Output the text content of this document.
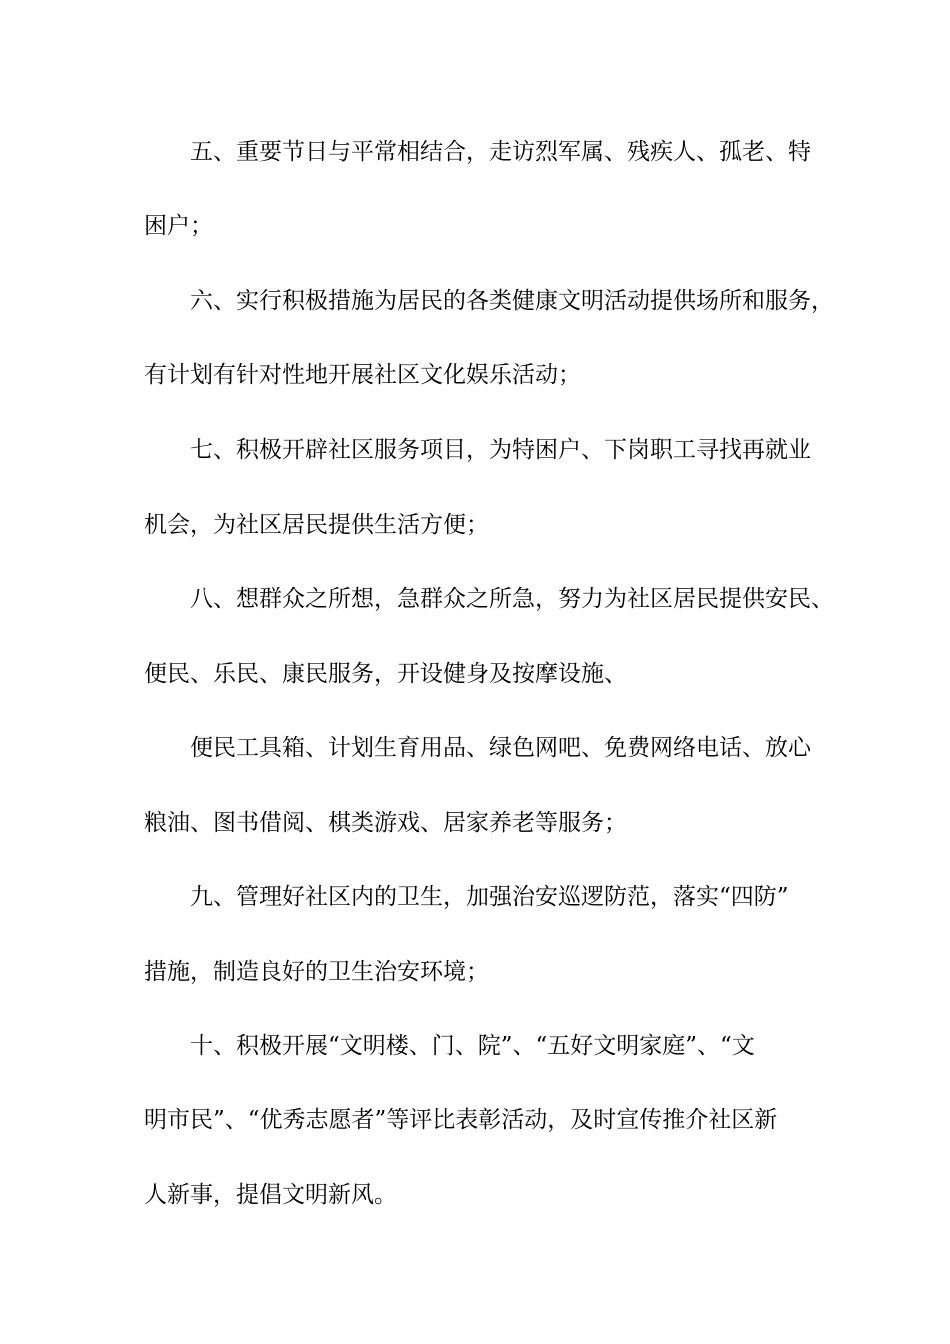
五、重要节日与平常相结合，走访烈军属、残疾人、孤老、特
困户；
六、实行积极措施为居民的各类健康文明活动提供场所和服务，
有计划有针对性地开展社区文化娱乐活动；
七、积极开辟社区服务项目，为特困户、下岗职工寻找再就业
机会，为社区居民提供生活方便；
八、想群众之所想，急群众之所急，努力为社区居民提供安民、
便民、乐民、康民服务，开设健身及按摩设施、
便民工具箱、计划生育用品、绿色网吧、免费网络电话、放心
粮油、图书借阅、棋类游戏、居家养老等服务；
九、管理好社区内的卫生，加强治安巡逻防范，落实“四防”
措施，制造良好的卫生治安环境；
十、积极开展“文明楼、门、院”、“五好文明家庭”、“文
明市民”、“优秀志愿者”等评比表彰活动，及时宣传推介社区新
人新事，提倡文明新风。
